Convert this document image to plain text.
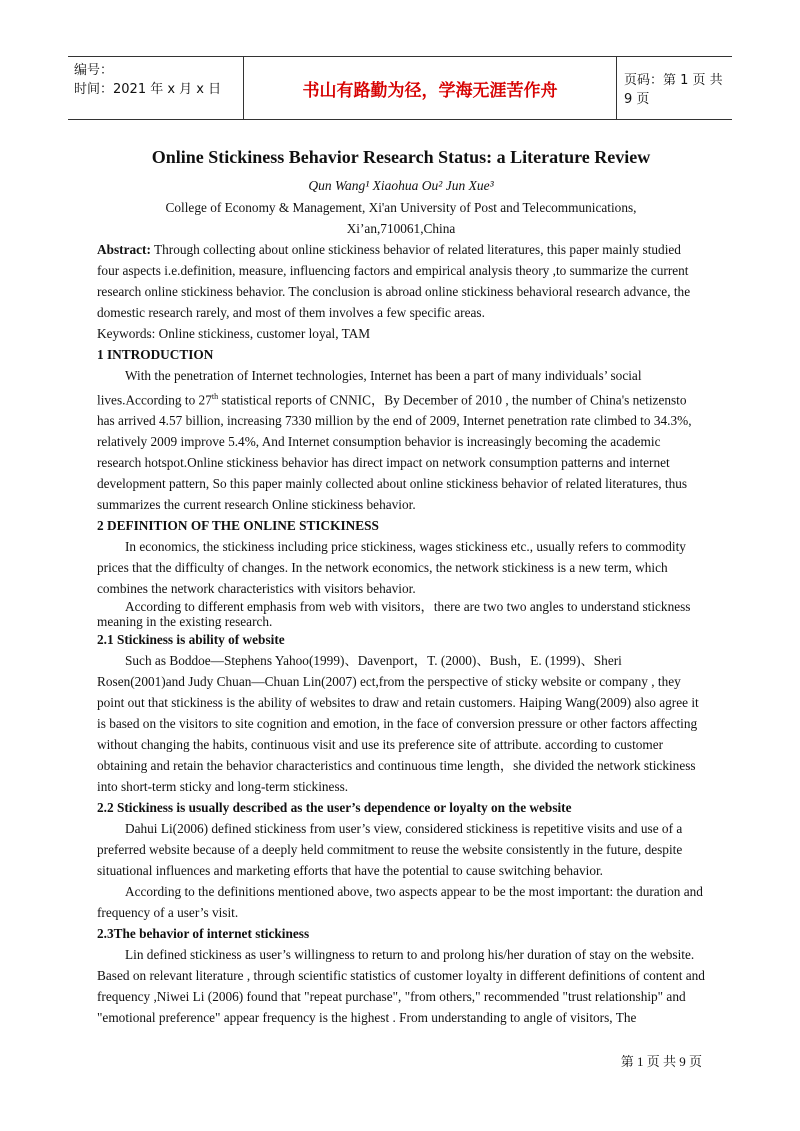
编号：
时间：2021 年 x 月 x 日	书山有路勤为径，学海无涯苦作舟	页码：第 1 页 共 9 页
Online Stickiness Behavior Research Status: a Literature Review

Qun Wang¹ Xiaohua Ou² Jun Xue³

College of Economy & Management, Xi'an University of Post and Telecommunications,
Xi’an,710061,China

Abstract: Through collecting about online stickiness behavior of related literatures, this paper mainly studied four aspects i.e.definition, measure, influencing factors and empirical analysis theory ,to summarize the current research online stickiness behavior. The conclusion is abroad online stickiness behavioral research advance, the domestic research rarely, and most of them involves a few specific areas.

Keywords: Online stickiness, customer loyal, TAM

1 INTRODUCTION

With the penetration of Internet technologies, Internet has been a part of many individuals’ social lives.According to 27th statistical reports of CNNIC，By December of 2010 , the number of China's netizensto has arrived 4.57 billion, increasing 7330 million by the end of 2009, Internet penetration rate climbed to 34.3%, relatively 2009 improve 5.4%, And Internet consumption behavior is increasingly becoming the academic research hotspot.Online stickiness behavior has direct impact on network consumption patterns and internet development pattern, So this paper mainly collected about online stickiness behavior of related literatures, thus summarizes the current research Online stickiness behavior.

2 DEFINITION OF THE ONLINE STICKINESS

In economics, the stickiness including price stickiness, wages stickiness etc., usually refers to commodity prices that the difficulty of changes. In the network economics, the network stickiness is a new term, which combines the network characteristics with visitors behavior.

According to different emphasis from web with visitors，there are two two angles to understand stickness meaning in the existing research.

2.1 Stickiness is ability of website

Such as Boddoe—Stephens Yahoo(1999)、Davenport，T. (2000)、Bush，E. (1999)、Sheri Rosen(2001)and Judy Chuan—Chuan Lin(2007) ect,from the perspective of sticky website or company , they point out that stickiness is the ability of websites to draw and retain customers. Haiping Wang(2009) also agree it is based on the visitors to site cognition and emotion, in the face of conversion pressure or other factors affecting without changing the habits, continuous visit and use its preference site of attribute. according to customer obtaining and retain the behavior characteristics and continuous time length，she divided the network stickiness into short-term sticky and long-term stickiness.

2.2 Stickiness is usually described as the user’s dependence or loyalty on the website

Dahui Li(2006) defined stickiness from user’s view, considered stickiness is repetitive visits and use of a preferred website because of a deeply held commitment to reuse the website consistently in the future, despite situational influences and marketing efforts that have the potential to cause switching behavior.

According to the definitions mentioned above, two aspects appear to be the most important: the duration and frequency of a user’s visit.

2.3The behavior of internet stickiness

Lin defined stickiness as user’s willingness to return to and prolong his/her duration of stay on the website. Based on relevant literature , through scientific statistics of customer loyalty in different definitions of content and frequency ,Niwei Li (2006) found that "repeat purchase", "from others," recommended "trust relationship" and "emotional preference" appear frequency is the highest . From understanding to angle of visitors, The

第 1 页 共 9 页
